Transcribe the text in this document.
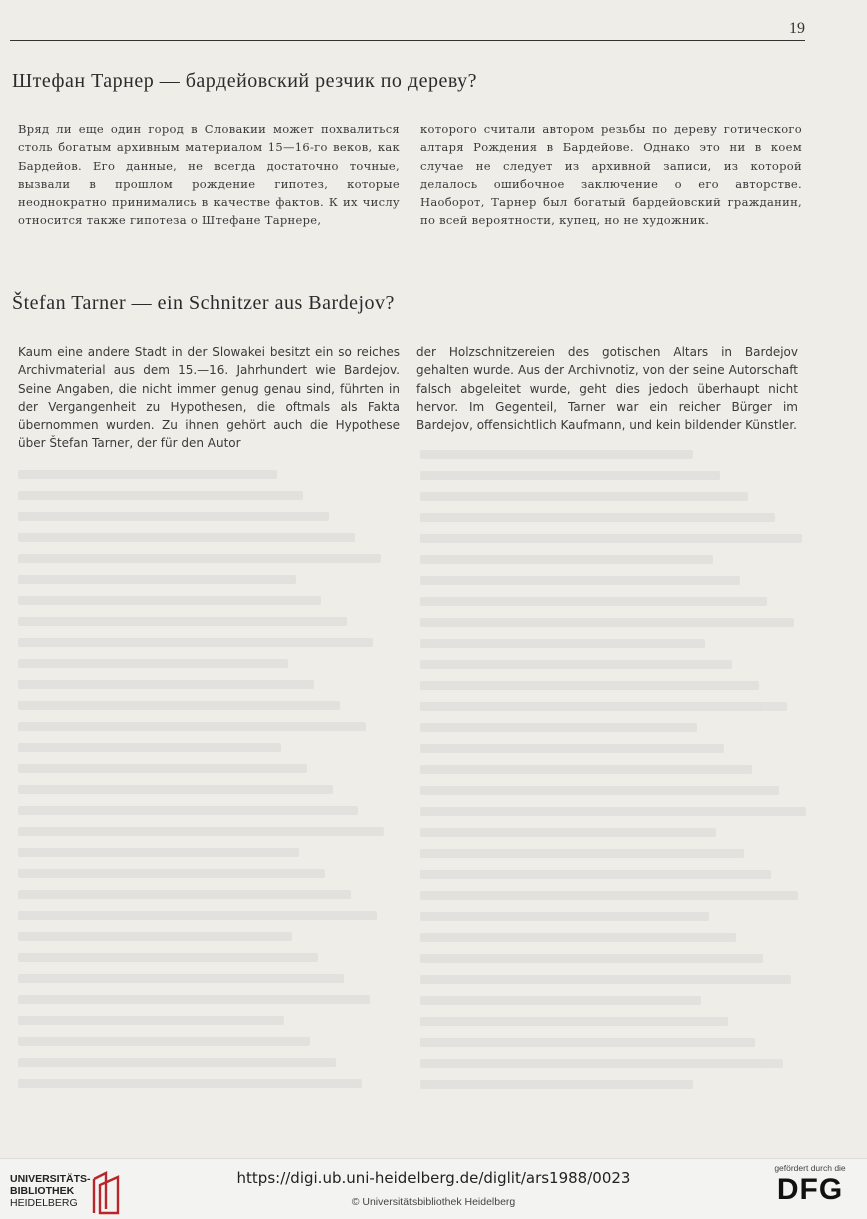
19
Штефан Тарнер — бардейовский резчик по дереву?

Вряд ли еще один город в Словакии может похвалиться столь богатым архивным материалом 15—16-го веков, как Бардейов. Его данные, не всегда достаточно точные, вызвали в прошлом рождение гипотез, которые неоднократно принимались в качестве фактов. К их числу относится также гипотеза о Штефане Тарнере,

которого считали автором резьбы по дереву готического алтаря Рождения в Бардейове. Однако это ни в коем случае не следует из архивной записи, из которой делалось ошибочное заключение о его авторстве. Наоборот, Тарнер был богатый бардейовский гражданин, по всей вероятности, купец, но не художник.

Štefan Tarner — ein Schnitzer aus Bardejov?

Kaum eine andere Stadt in der Slowakei besitzt ein so reiches Archivmaterial aus dem 15.—16. Jahrhundert wie Bardejov. Seine Angaben, die nicht immer genug genau sind, führten in der Vergangenheit zu Hypothesen, die oftmals als Fakta übernommen wurden. Zu ihnen gehört auch die Hypothese über Štefan Tarner, der für den Autor

der Holzschnitzereien des gotischen Altars in Bardejov gehalten wurde. Aus der Archivnotiz, von der seine Autorschaft falsch abgeleitet wurde, geht dies jedoch überhaupt nicht hervor. Im Gegenteil, Tarner war ein reicher Bürger im Bardejov, offensichtlich Kaufmann, und kein bildender Künstler.

UNIVERSITÄTS-
BIBLIOTHEK
HEIDELBERG
https://digi.ub.uni-heidelberg.de/diglit/ars1988/0023
© Universitätsbibliothek Heidelberg
gefördert durch die
DFG
